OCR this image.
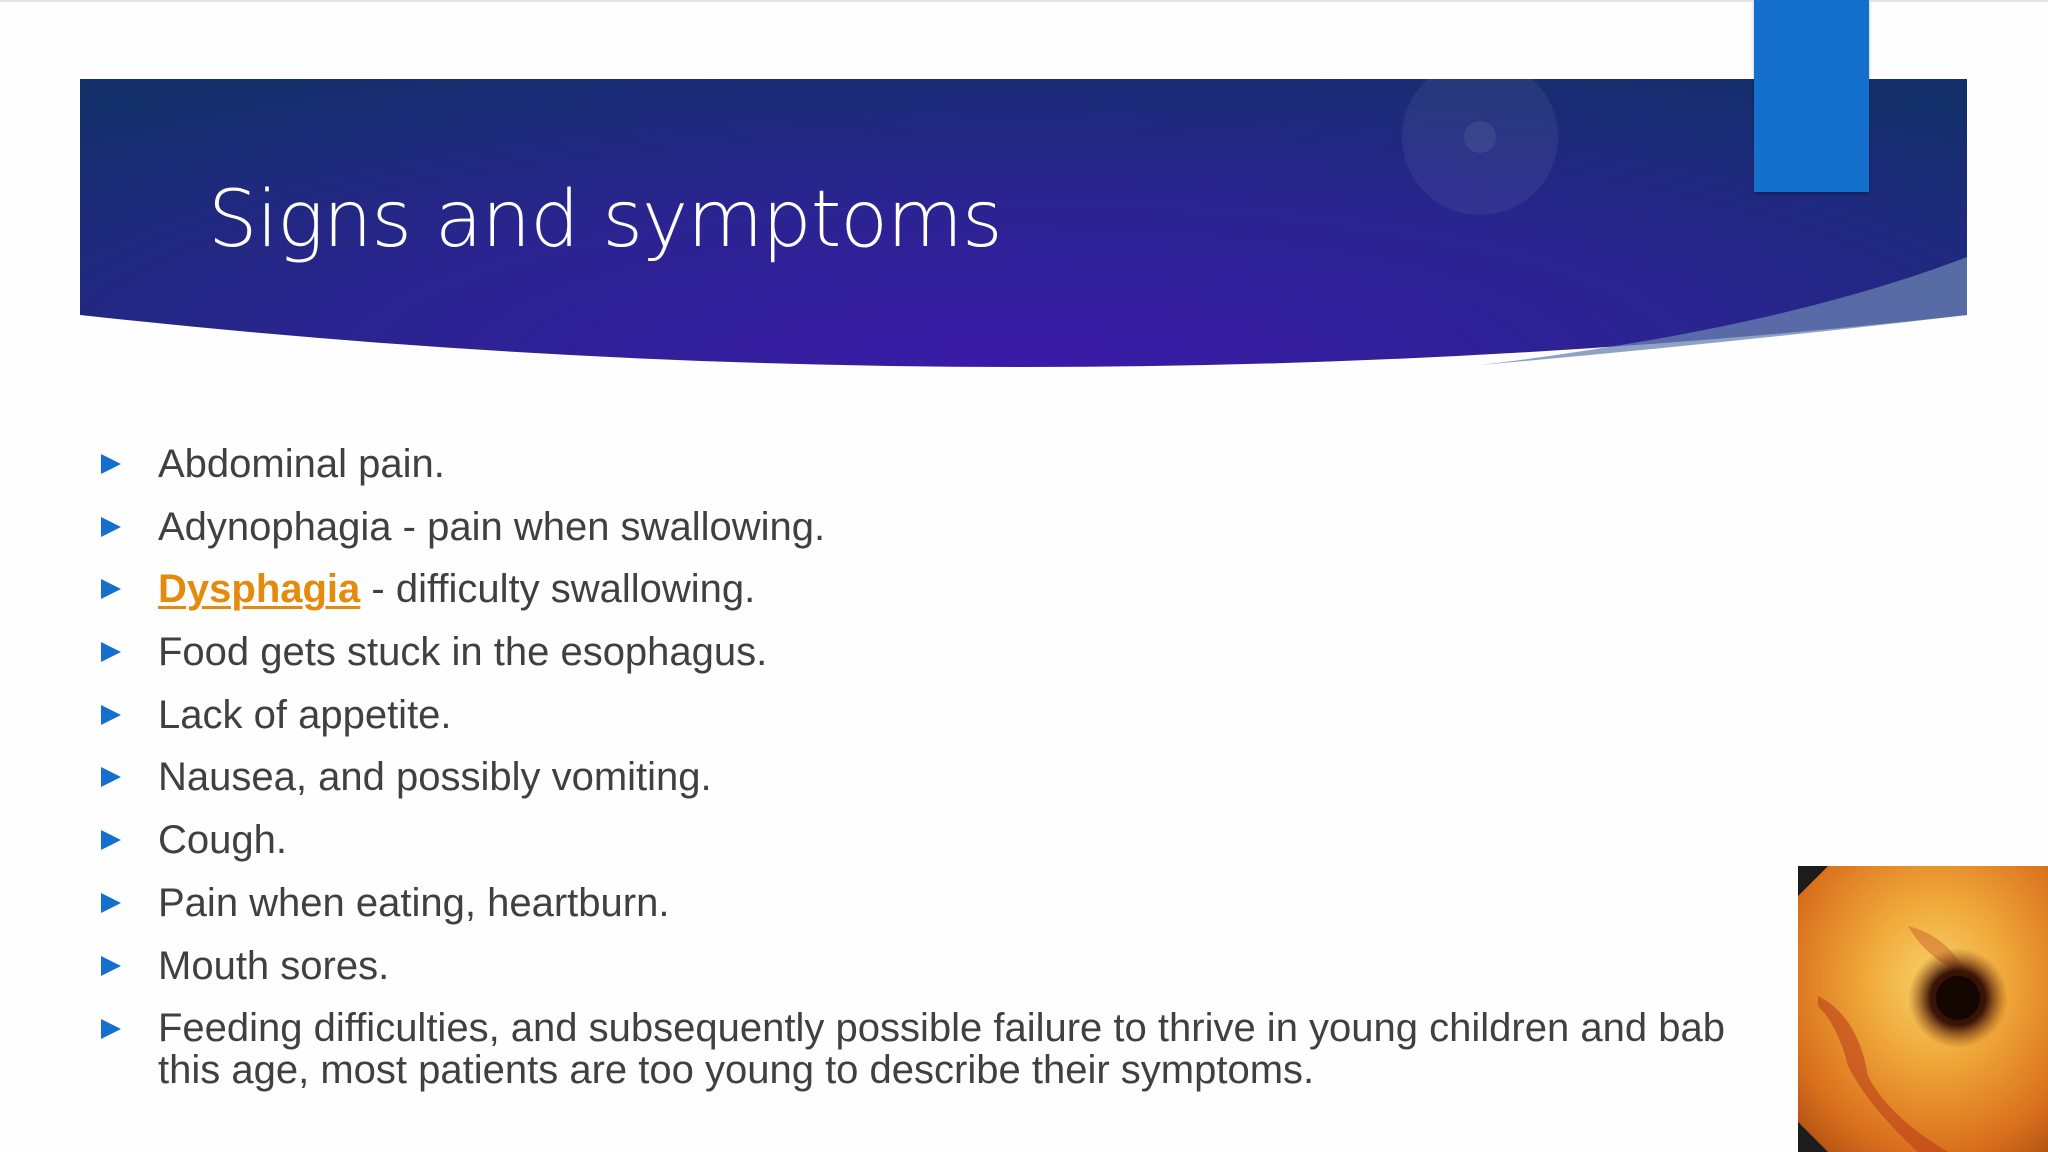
Signs and symptoms
Abdominal pain.
Adynophagia - pain when swallowing.
Dysphagia - difficulty swallowing.
Food gets stuck in the esophagus.
Lack of appetite.
Nausea, and possibly vomiting.
Cough.
Pain when eating, heartburn.
Mouth sores.
Feeding difficulties, and subsequently possible failure to thrive in young children and bab
this age, most patients are too young to describe their symptoms.
